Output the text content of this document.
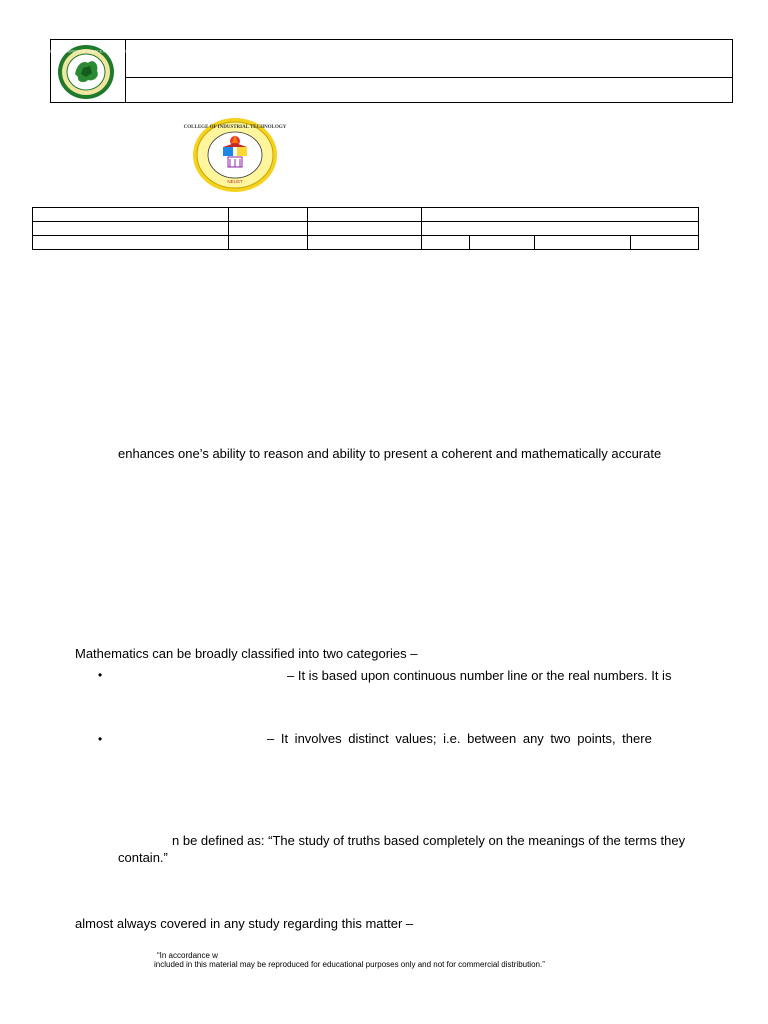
NUEVA ECIJA UNIVERSITY OF SCIENCE AND TECHNOLOGY
COLLEGE OF INDUSTRIAL TECHNOLOGY
NEUST

enhances one’s ability to reason and ability to present a coherent and mathematically accurate
Mathematics can be broadly classified into two categories –
•	– It is based upon continuous number line or the real numbers. It is
•	– It involves distinct values; i.e. between any two points, there
n be defined as: “The study of truths based completely on the meanings of the terms they
contain.”
almost always covered in any study regarding this matter –
“In accordance w
included in this material may be reproduced for educational purposes only and not for commercial distribution.”
